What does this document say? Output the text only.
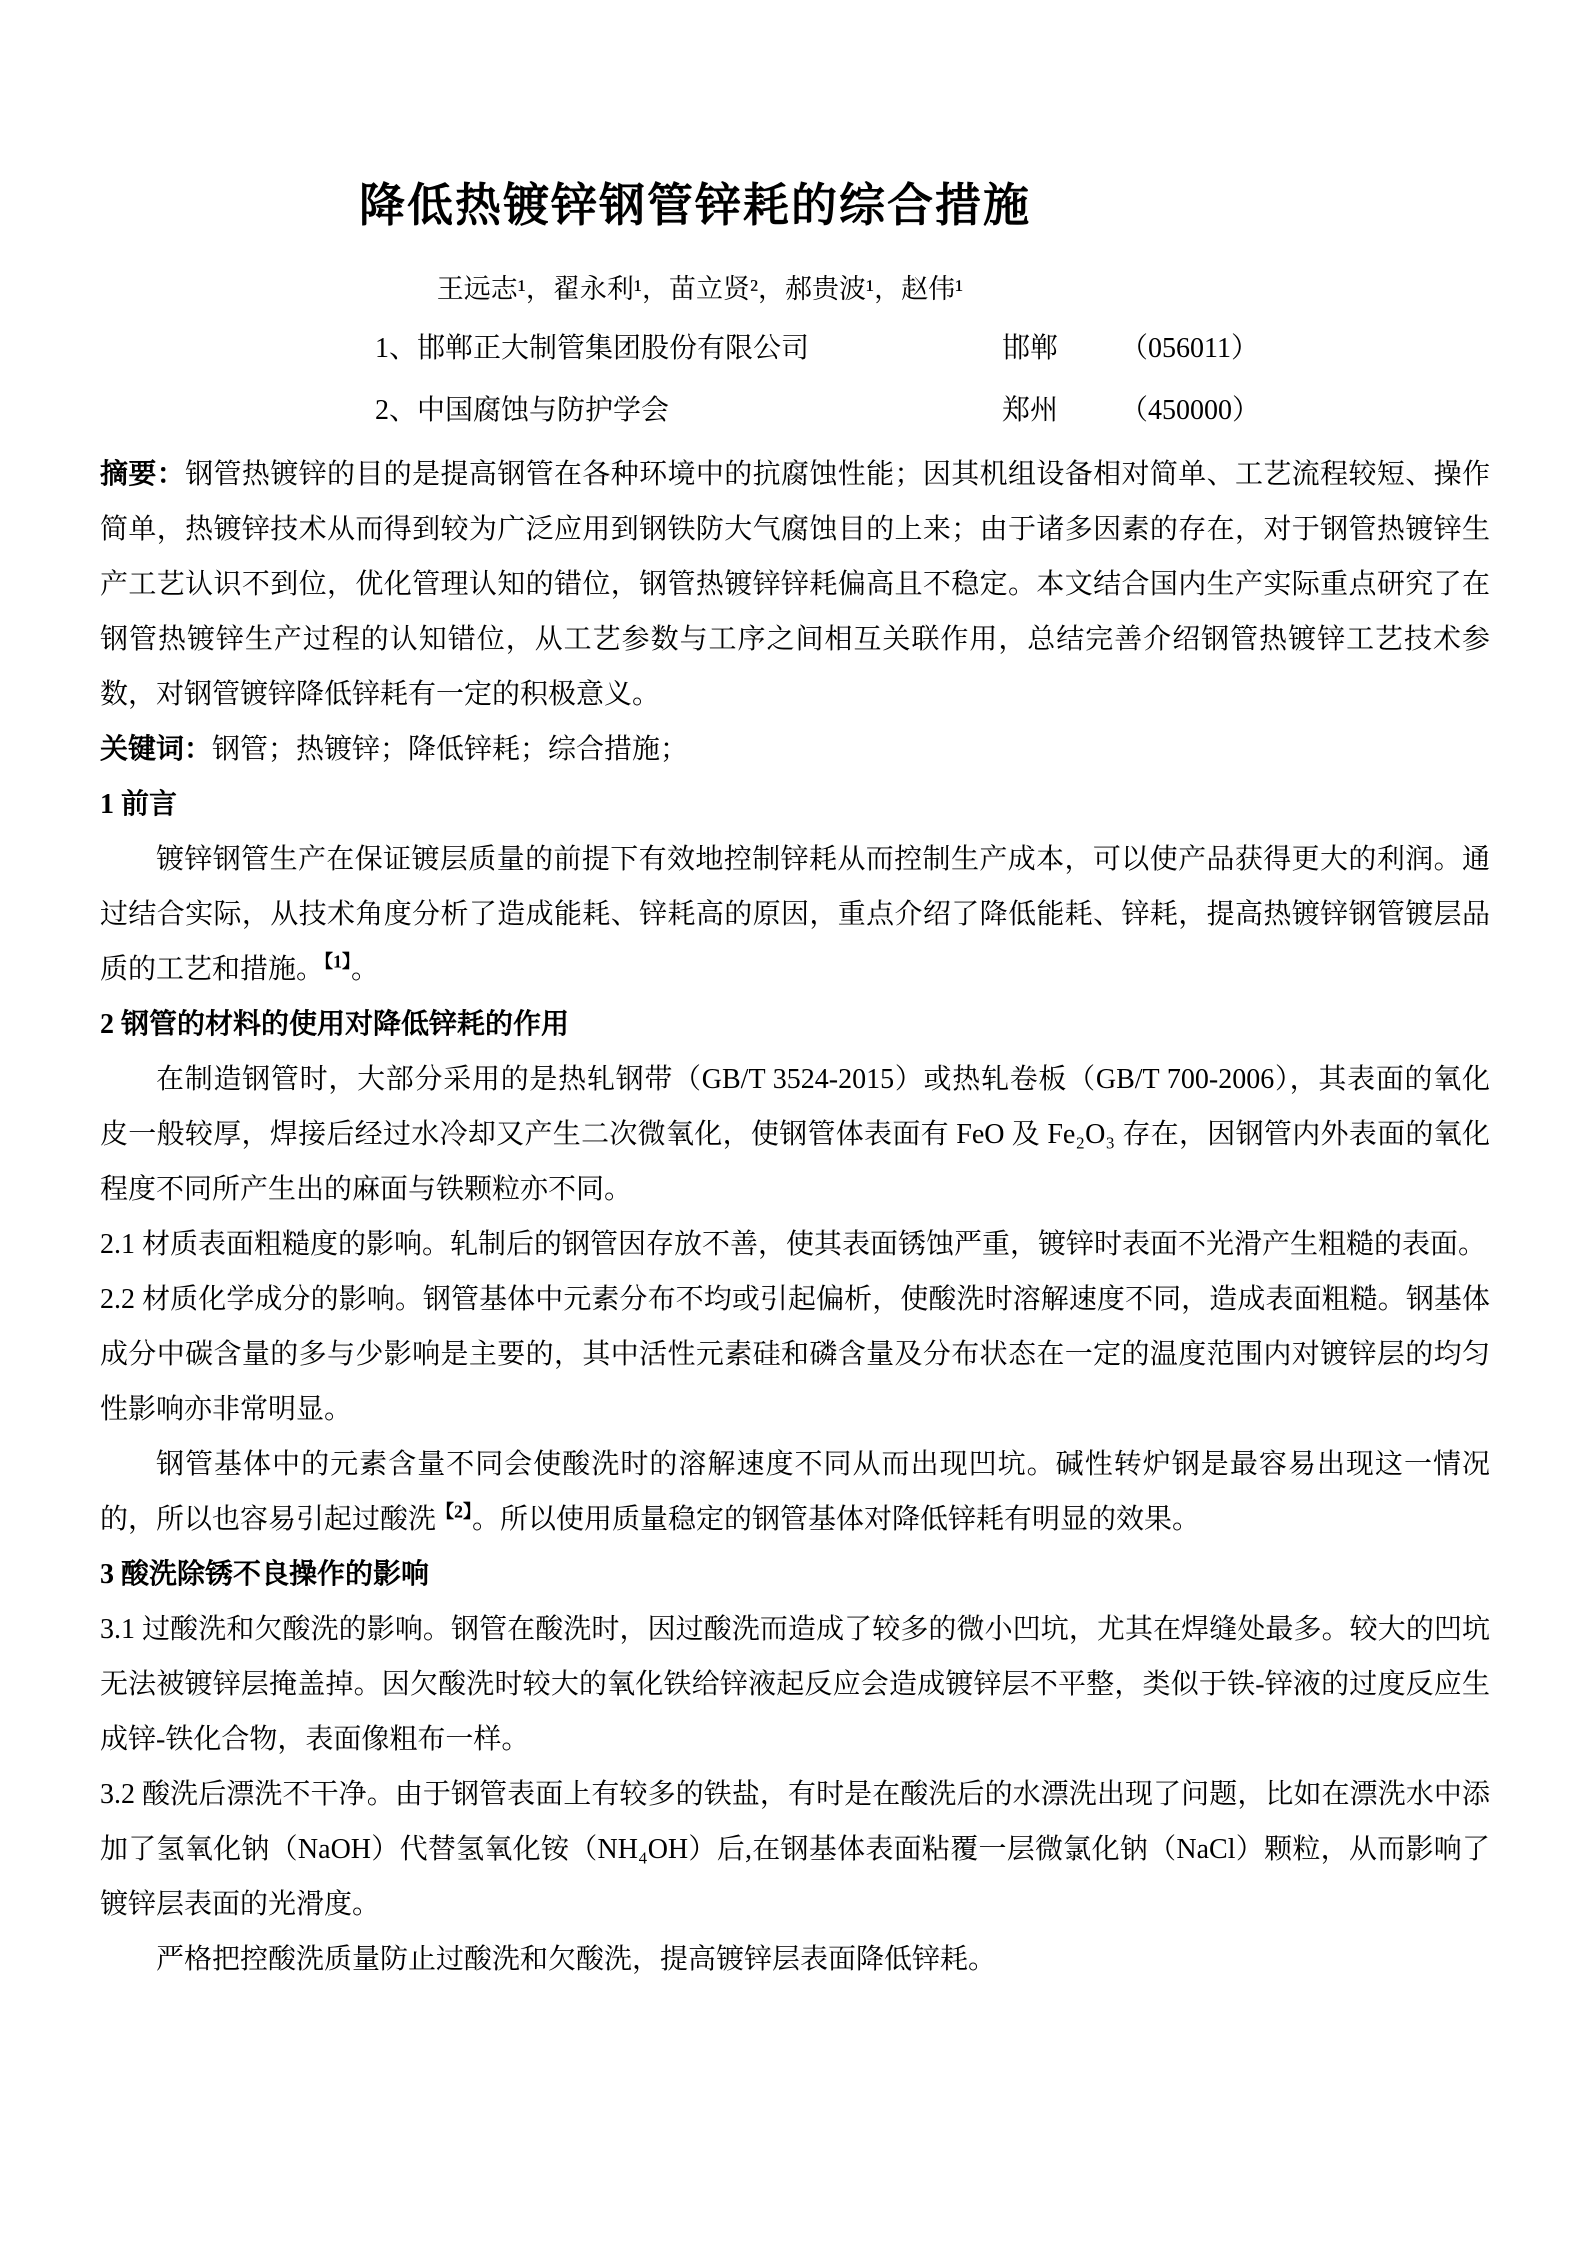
降低热镀锌钢管锌耗的综合措施
王远志¹，翟永利¹，苗立贤²，郝贵波¹，赵伟¹
1、 邯郸正大制管集团股份有限公司	邯郸	（056011）
2、 中国腐蚀与防护学会	郑州	（450000）

摘要：钢管热镀锌的目的是提高钢管在各种环境中的抗腐蚀性能；因其机组设备相对简单、工艺流程较短、操作简单，热镀锌技术从而得到较为广泛应用到钢铁防大气腐蚀目的上来；由于诸多因素的存在，对于钢管热镀锌生产工艺认识不到位，优化管理认知的错位，钢管热镀锌锌耗偏高且不稳定。本文结合国内生产实际重点研究了在钢管热镀锌生产过程的认知错位，从工艺参数与工序之间相互关联作用，总结完善介绍钢管热镀锌工艺技术参数，对钢管镀锌降低锌耗有一定的积极意义。

关键词：钢管；热镀锌；降低锌耗；综合措施；

1 前言

镀锌钢管生产在保证镀层质量的前提下有效地控制锌耗从而控制生产成本，可以使产品获得更大的利润。通过结合实际，从技术角度分析了造成能耗、锌耗高的原因，重点介绍了降低能耗、锌耗，提高热镀锌钢管镀层品质的工艺和措施。$^{【1】}$。

2 钢管的材料的使用对降低锌耗的作用

在制造钢管时，大部分采用的是热轧钢带（GB/T 3524-2015）或热轧卷板（GB/T 700-2006），其表面的氧化皮一般较厚，焊接后经过水冷却又产生二次微氧化，使钢管体表面有 FeO 及 Fe₂O₃ 存在，因钢管内外表面的氧化程度不同所产生出的麻面与铁颗粒亦不同。

2.1 材质表面粗糙度的影响。轧制后的钢管因存放不善，使其表面锈蚀严重，镀锌时表面不光滑产生粗糙的表面。

2.2 材质化学成分的影响。钢管基体中元素分布不均或引起偏析，使酸洗时溶解速度不同，造成表面粗糙。钢基体成分中碳含量的多与少影响是主要的，其中活性元素硅和磷含量及分布状态在一定的温度范围内对镀锌层的均匀性影响亦非常明显。

钢管基体中的元素含量不同会使酸洗时的溶解速度不同从而出现凹坑。碱性转炉钢是最容易出现这一情况的，所以也容易引起过酸洗$^{【2】}$。所以使用质量稳定的钢管基体对降低锌耗有明显的效果。

3 酸洗除锈不良操作的影响

3.1 过酸洗和欠酸洗的影响。钢管在酸洗时，因过酸洗而造成了较多的微小凹坑，尤其在焊缝处最多。较大的凹坑无法被镀锌层掩盖掉。因欠酸洗时较大的氧化铁给锌液起反应会造成镀锌层不平整，类似于铁-锌液的过度反应生成锌-铁化合物，表面像粗布一样。

3.2 酸洗后漂洗不干净。由于钢管表面上有较多的铁盐，有时是在酸洗后的水漂洗出现了问题，比如在漂洗水中添加了氢氧化钠（NaOH）代替氢氧化铵（NH₄OH）后,在钢基体表面粘覆一层微氯化钠（NaCl）颗粒，从而影响了镀锌层表面的光滑度。

严格把控酸洗质量防止过酸洗和欠酸洗，提高镀锌层表面降低锌耗。
